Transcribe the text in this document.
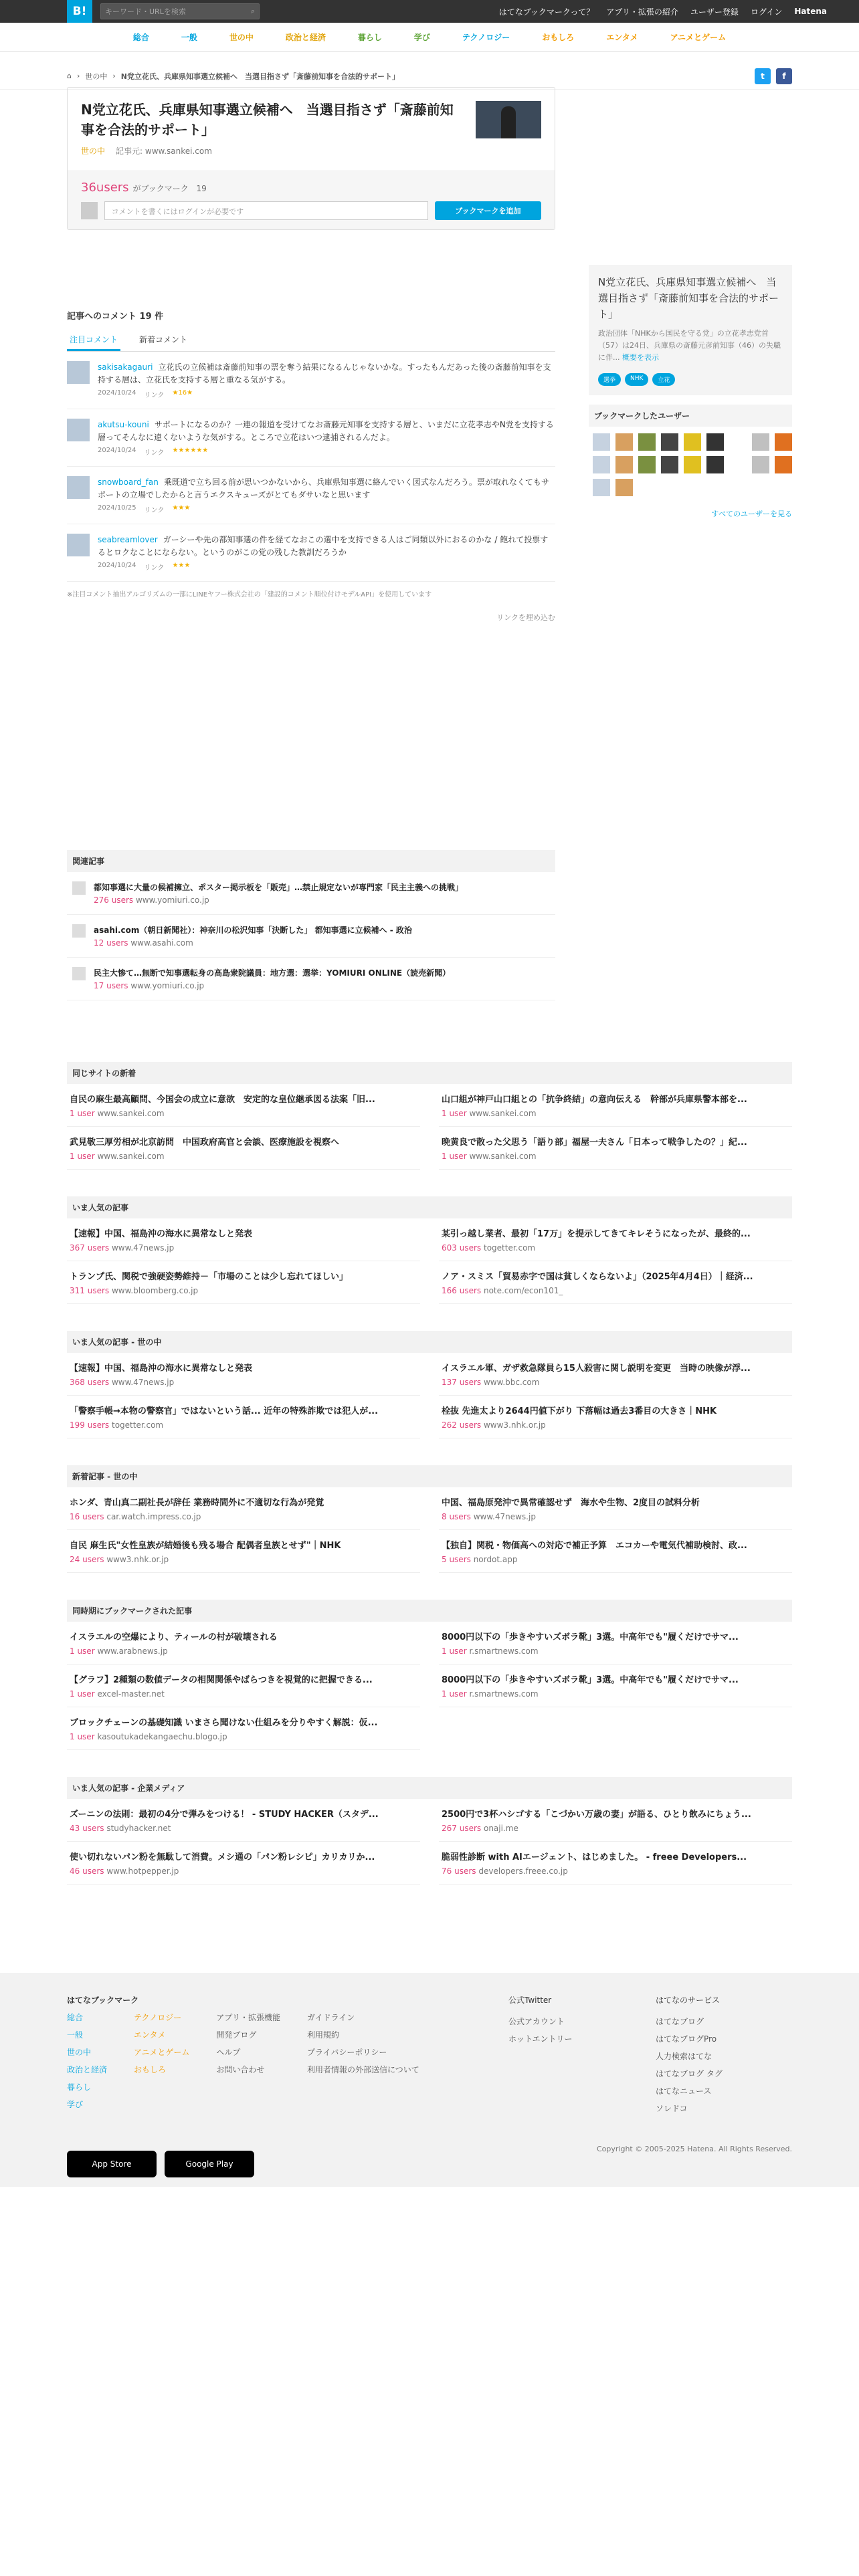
B!	キーワード・URLを検索	⌕	はてなブックマークって？ アプリ・拡張の紹介 ユーザー登録 ログイン Hatena
総合	一般	世の中	政治と経済	暮らし	学び	テクノロジー	おもしろ	エンタメ	アニメとゲーム
⌂ › 世の中 › N党立花氏、兵庫県知事選立候補へ　当選目指さず「斎藤前知事を合法的サポート」	t	f
N党立花氏、兵庫県知事選立候補へ　当選目指さず「斎藤前知事を合法的サポート」
世の中 記事元: www.sankei.com
36users がブックマーク 19
コメントを書くにはログインが必要です	ブックマークを追加
記事へのコメント 19 件
注目コメント	新着コメント
sakisakagauri 立花氏の立候補は斎藤前知事の票を奪う結果になるんじゃないかな。すったもんだあった後の斎藤前知事を支持する層は、立花氏を支持する層と重なる気がする。
2024/10/24 リンク ★16★
akutsu-kouni サポートになるのか？一連の報道を受けてなお斎藤元知事を支持する層と、いまだに立花孝志やN党を支持する層ってそんなに違くないような気がする。ところで立花はいつ逮捕されるんだよ。
2024/10/24 リンク ★★★★★★
snowboard_fan 乗既道で立ち回る前が思いつかないから、兵庫県知事選に絡んでいく図式なんだろう。票が取れなくてもサポートの立場でしたからと言うエクスキューズがとてもダサいなと思います
2024/10/25 リンク ★★★
seabreamlover ガーシーや先の都知事選の件を経てなおこの選中を支持できる人はご同類以外におるのかな / 飽れて投票するとロクなことにならない。というのがこの党の残した教訓だろうか
2024/10/24 リンク ★★★
※注目コメント抽出アルゴリズムの一部にLINEヤフー株式会社の「建設的コメント順位付けモデルAPI」を使用しています
リンクを埋め込む
関連記事
都知事選に大量の候補擁立、ポスター掲示板を「販売」…禁止規定ないが専門家「民主主義への挑戦」
276 users www.yomiuri.co.jp
asahi.com（朝日新聞社）：神奈川の松沢知事「決断した」 都知事選に立候補へ - 政治
12 users www.asahi.com
民主大惨て…無断で知事選転身の高島衆院議員：地方選：選挙：YOMIURI ONLINE（読売新聞）
17 users www.yomiuri.co.jp
N党立花氏、兵庫県知事選立候補へ　当選目指さず「斎藤前知事を合法的サポート」

政治団体「NHKから国民を守る党」の立花孝志党首（57）は24日、兵庫県の斎藤元彦前知事（46）の失職に伴... 概要を表示

選挙	NHK	立花
ブックマークしたユーザー
すべてのユーザーを見る
同じサイトの新着
自民の麻生最高顧問、今国会の成立に意欲　安定的な皇位継承図る法案「旧...
1 user www.sankei.com
山口組が神戸山口組との「抗争終結」の意向伝える　幹部が兵庫県警本部を...
1 user www.sankei.com
武見敬三厚労相が北京訪問　中国政府高官と会談、医療施設を視察へ
1 user www.sankei.com
晩黄良で散った父思う「語り部」福屋一夫さん「日本って戦争したの？」紀...
1 user www.sankei.com
いま人気の記事
【速報】中国、福島沖の海水に異常なしと発表
367 users www.47news.jp
某引っ越し業者、最初「17万」を提示してきてキレそうになったが、最終的...
603 users togetter.com
トランプ氏、関税で強硬姿勢維持－「市場のことは少し忘れてほしい」
311 users www.bloomberg.co.jp
ノア・スミス「貿易赤字で国は貧しくならないよ」（2025年4月4日）｜経済...
166 users note.com/econ101_
いま人気の記事 - 世の中
【速報】中国、福島沖の海水に異常なしと発表
368 users www.47news.jp
イスラエル軍、ガザ救急隊員ら15人殺害に関し説明を変更　当時の映像が浮...
137 users www.bbc.com
「警察手帳→本物の警察官」ではないという話... 近年の特殊詐欺では犯人が...
199 users togetter.com
栓抜 先進太より2644円値下がり 下落幅は過去3番目の大きさ｜NHK
262 users www3.nhk.or.jp
新着記事 - 世の中
ホンダ、青山真二副社長が辞任 業務時間外に不適切な行為が発覚
16 users car.watch.impress.co.jp
中国、福島原発沖で異常確認せず　海水や生物、2度目の試料分析
8 users www.47news.jp
自民 麻生氏"女性皇族が結婚後も残る場合 配偶者皇族とせず"｜NHK
24 users www3.nhk.or.jp
【独自】関税・物価高への対応で補正予算　エコカーや電気代補助検討、政...
5 users nordot.app
同時期にブックマークされた記事
イスラエルの空爆により、ティールの村が破壊される
1 user www.arabnews.jp
8000円以下の「歩きやすいズボラ靴」3選。中高年でも"履くだけでサマ...
1 user r.smartnews.com
【グラフ】2種類の数値データの相関関係やばらつきを視覚的に把握できる...
1 user excel-master.net
8000円以下の「歩きやすいズボラ靴」3選。中高年でも"履くだけでサマ...
1 user r.smartnews.com
ブロックチェーンの基礎知識 いまさら聞けない仕組みを分りやすく解説：仮...
1 user kasoutukadekangaechu.blogo.jp
いま人気の記事 - 企業メディア
ズーニンの法則：最初の4分で弾みをつける！ - STUDY HACKER（スタデ...
43 users studyhacker.net
2500円で3杯ハシゴする「こづかい万歳の妻」が語る、ひとり飲みにちょう...
267 users onaji.me
使い切れないパン粉を無駄して消費。メシ通の「パン粉レシピ」カリカリか...
46 users www.hotpepper.jp
脆弱性診断 with AIエージェント、はじめました。 - freee Developers...
76 users developers.freee.co.jp
はてなブックマーク
総合
一般
世の中
政治と経済
暮らし
学び
テクノロジー
エンタメ
アニメとゲーム
おもしろ
アプリ・拡張機能
開発ブログ
ヘルプ
お問い合わせ
ガイドライン
利用規約
プライバシーポリシー
利用者情報の外部送信について
公式Twitter
公式アカウント
ホットエントリー
はてなのサービス
はてなブログ
はてなブログPro
人力検索はてな
はてなブログ タグ
はてなニュース
ソレドコ
App Store	Google Play
Copyright © 2005-2025 Hatena. All Rights Reserved.
